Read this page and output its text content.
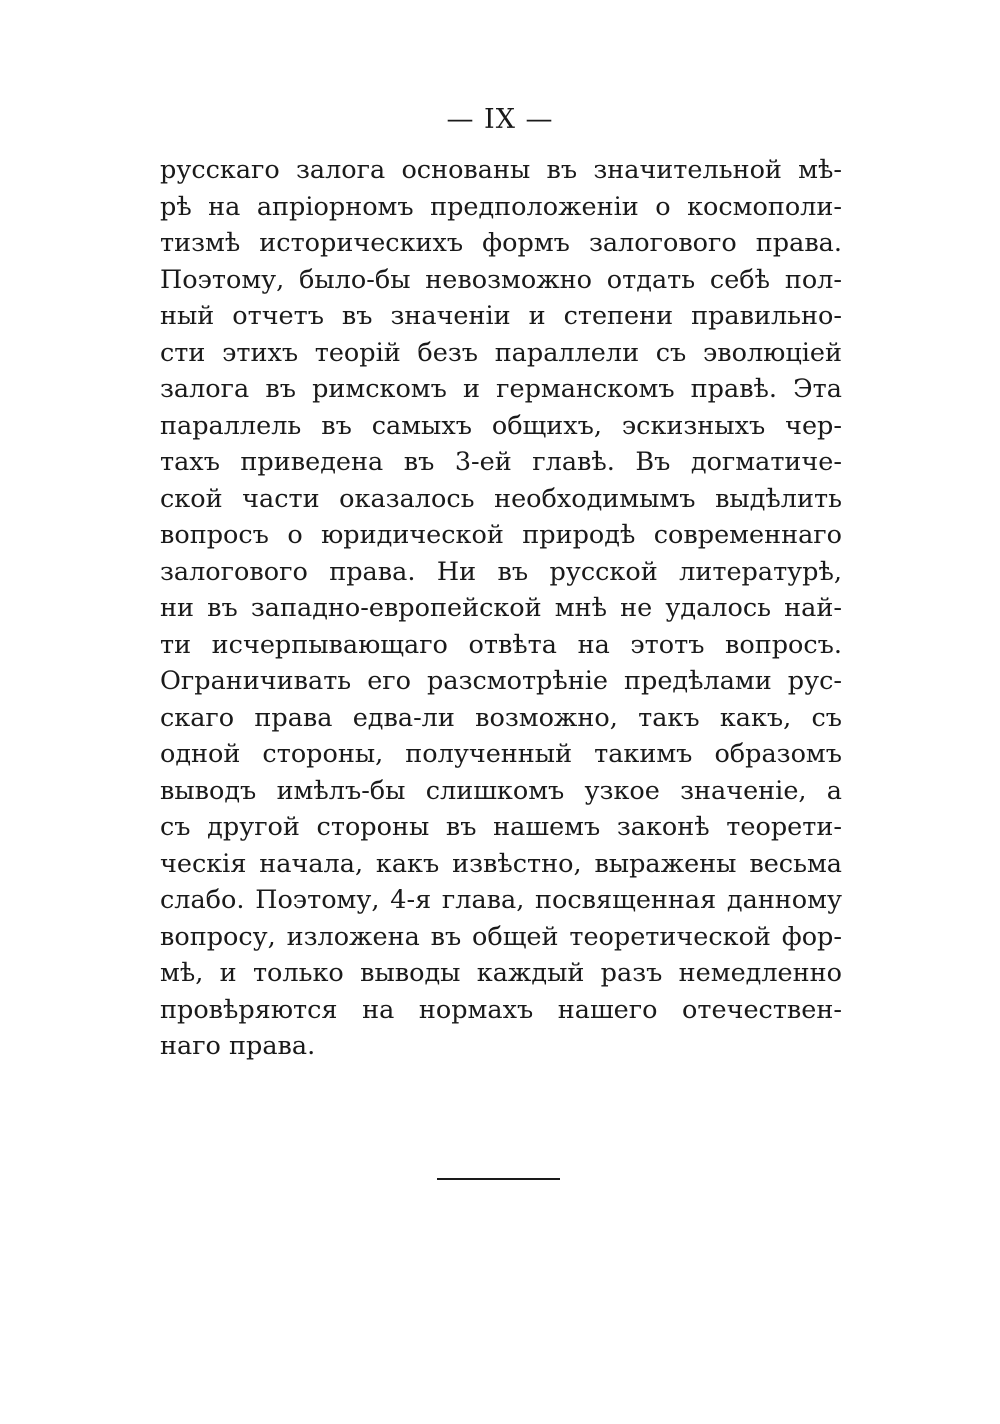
— IX —
русскаго залога основаны въ значительной мѣ-
рѣ на апріорномъ предположеніи о космополи-
тизмѣ историческихъ формъ залогового права.
Поэтому, было-бы невозможно отдать себѣ пол-
ный отчетъ въ значеніи и степени правильно-
сти этихъ теорій безъ параллели съ эволюціей
залога въ римскомъ и германскомъ правѣ. Эта
параллель въ самыхъ общихъ, эскизныхъ чер-
тахъ приведена въ 3-ей главѣ. Въ догматиче-
ской части оказалось необходимымъ выдѣлить
вопросъ о юридической природѣ современнаго
залогового права. Ни въ русской литературѣ,
ни въ западно-европейской мнѣ не удалось най-
ти исчерпывающаго отвѣта на этотъ вопросъ.
Ограничивать его разсмотрѣніе предѣлами рус-
скаго права едва-ли возможно, такъ какъ, съ
одной стороны, полученный такимъ образомъ
выводъ имѣлъ-бы слишкомъ узкое значеніе, а
съ другой стороны въ нашемъ законѣ теорети-
ческія начала, какъ извѣстно, выражены весьма
слабо. Поэтому, 4-я глава, посвященная данному
вопросу, изложена въ общей теоретической фор-
мѣ, и только выводы каждый разъ немедленно
провѣряются на нормахъ нашего отечествен-
наго права.
